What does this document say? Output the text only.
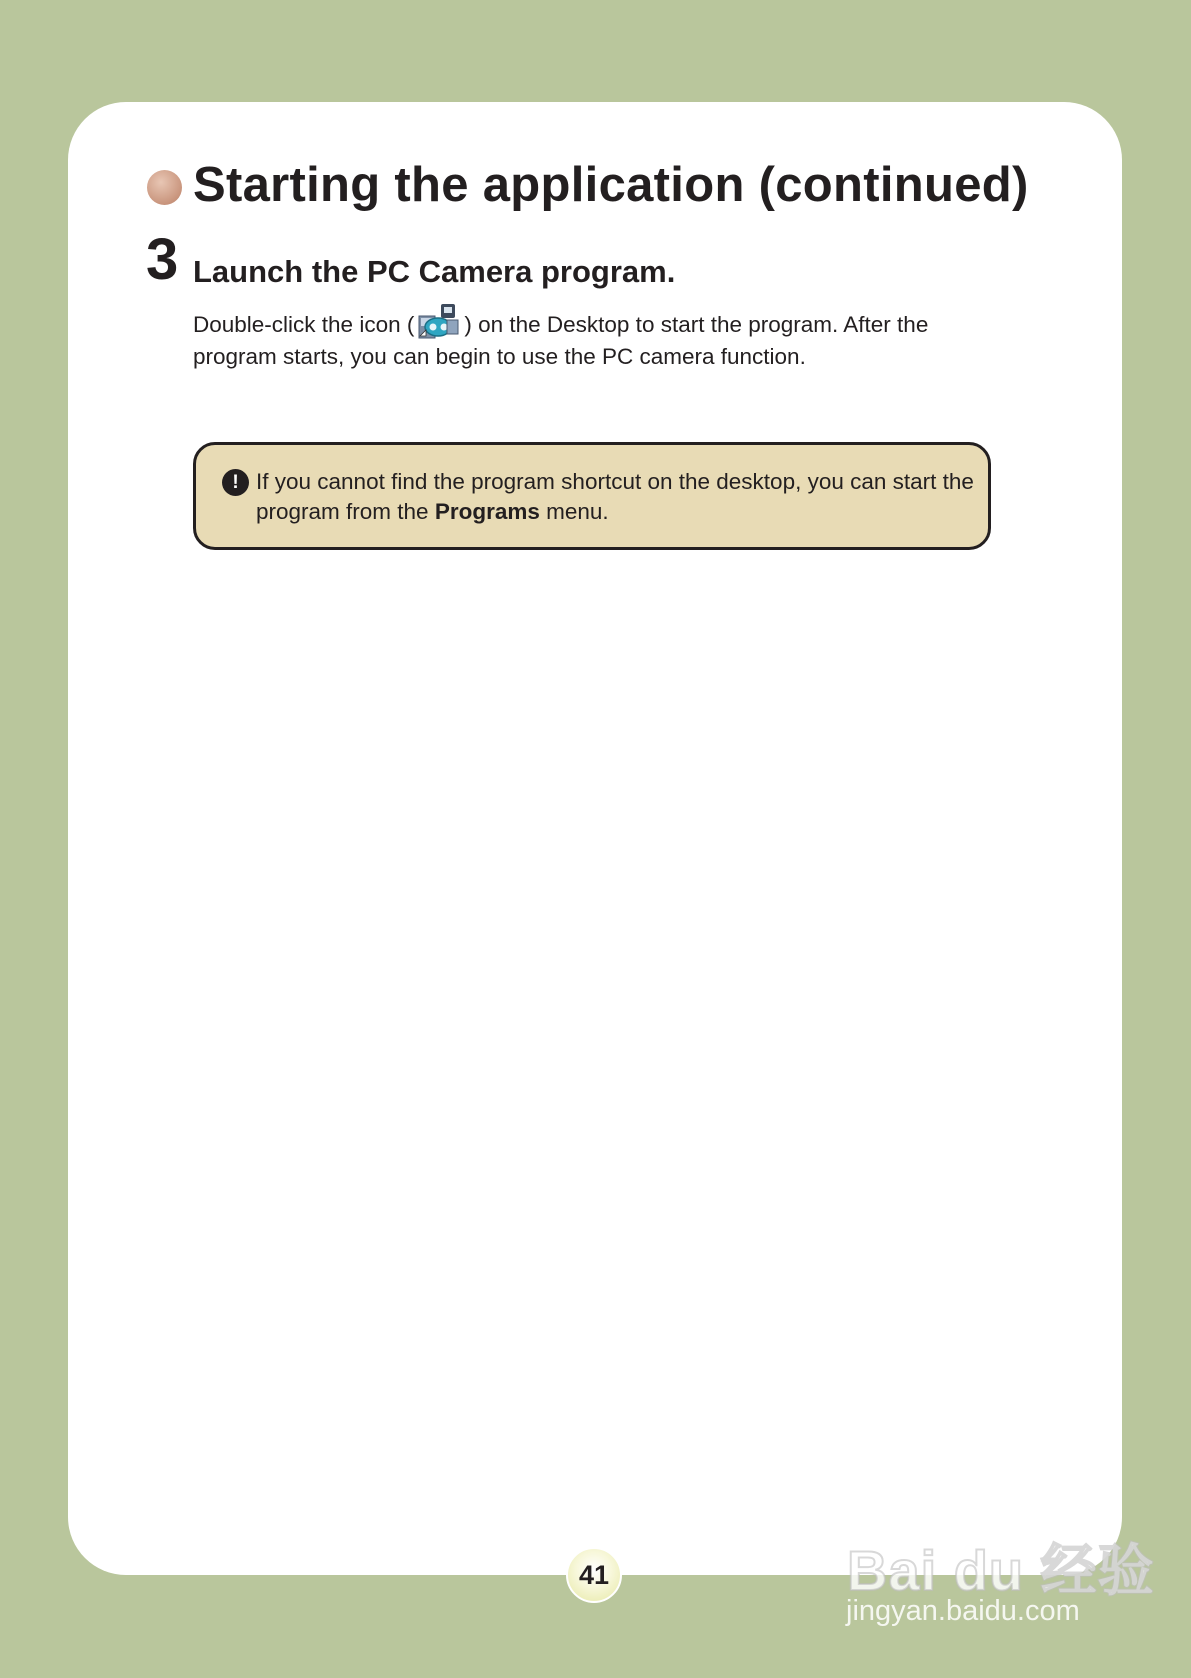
Starting the application (continued)
3 Launch the PC Camera program.

Double-click the icon ( ) on the Desktop to start the program. After the program starts, you can begin to use the PC camera function.

! If you cannot find the program shortcut on the desktop, you can start the program from the Programs menu.

41	Bai du 经验
jingyan.baidu.com
